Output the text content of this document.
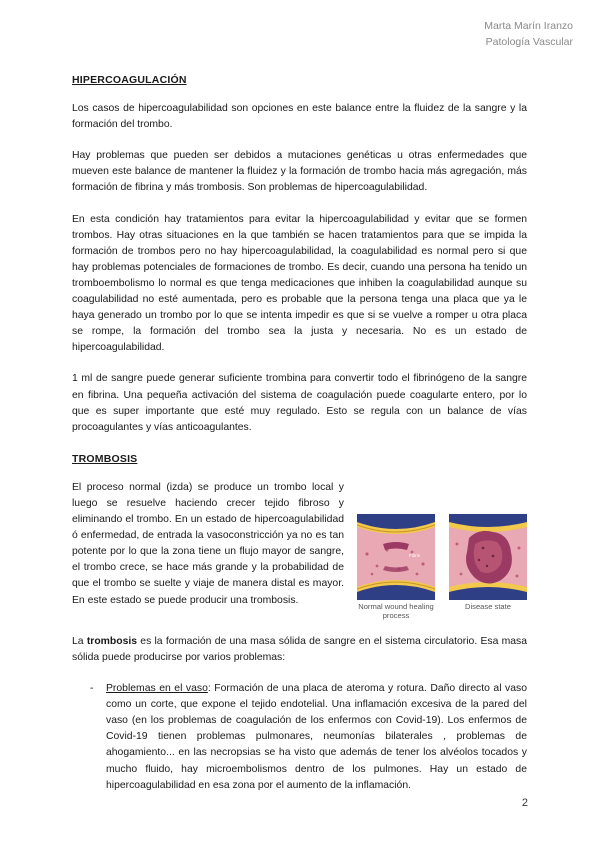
Marta Marín Iranzo
Patología Vascular
HIPERCOAGULACIÓN

Los casos de hipercoagulabilidad son opciones en este balance entre la fluidez de la sangre y la formación del trombo.

Hay problemas que pueden ser debidos a mutaciones genéticas u otras enfermedades que mueven este balance de mantener la fluidez y la formación de trombo hacia más agregación, más formación de fibrina y más trombosis. Son problemas de hipercoagulabilidad.

En esta condición hay tratamientos para evitar la hipercoagulabilidad y evitar que se formen trombos. Hay otras situaciones en la que también se hacen tratamientos para que se impida la formación de trombos pero no hay hipercoagulabilidad, la coagulabilidad es normal pero si que hay problemas potenciales de formaciones de trombo. Es decir, cuando una persona ha tenido un tromboembolismo lo normal es que tenga medicaciones que inhiben la coagulabilidad aunque su coagulabilidad no esté aumentada, pero es probable que la persona tenga una placa que ya le haya generado un trombo por lo que se intenta impedir es que si se vuelve a romper u otra placa se rompe, la formación del trombo sea la justa y necesaria. No es un estado de hipercoagulabilidad.

1 ml de sangre puede generar suficiente trombina para convertir todo el fibrinógeno de la sangre en fibrina. Una pequeña activación del sistema de coagulación puede coagularte entero, por lo que es super importante que esté muy regulado. Esto se regula con un balance de vías procoagulantes y vías anticoagulantes.

TROMBOSIS
El proceso normal (izda) se produce un trombo local y luego se resuelve haciendo crecer tejido fibroso y eliminando el trombo. En un estado de hipercoagulabilidad ó enfermedad, de entrada la vasoconstricción ya no es tan potente por lo que la zona tiene un flujo mayor de sangre, el trombo crece, se hace más grande y la probabilidad de que el trombo se suelte y viaje de manera distal es mayor. En este estado se puede producir una trombosis.
Fibrin
Normal wound healing process
Disease state

La trombosis es la formación de una masa sólida de sangre en el sistema circulatorio. Esa masa sólida puede producirse por varios problemas:

- Problemas en el vaso: Formación de una placa de ateroma y rotura. Daño directo al vaso como un corte, que expone el tejido endotelial. Una inflamación excesiva de la pared del vaso (en los problemas de coagulación de los enfermos con Covid-19). Los enfermos de Covid-19 tienen problemas pulmonares, neumonías bilaterales , problemas de ahogamiento... en las necropsias se ha visto que además de tener los alvéolos tocados y mucho fluido, hay microembolismos dentro de los pulmones. Hay un estado de hipercoagulabilidad en esa zona por el aumento de la inflamación.
2
